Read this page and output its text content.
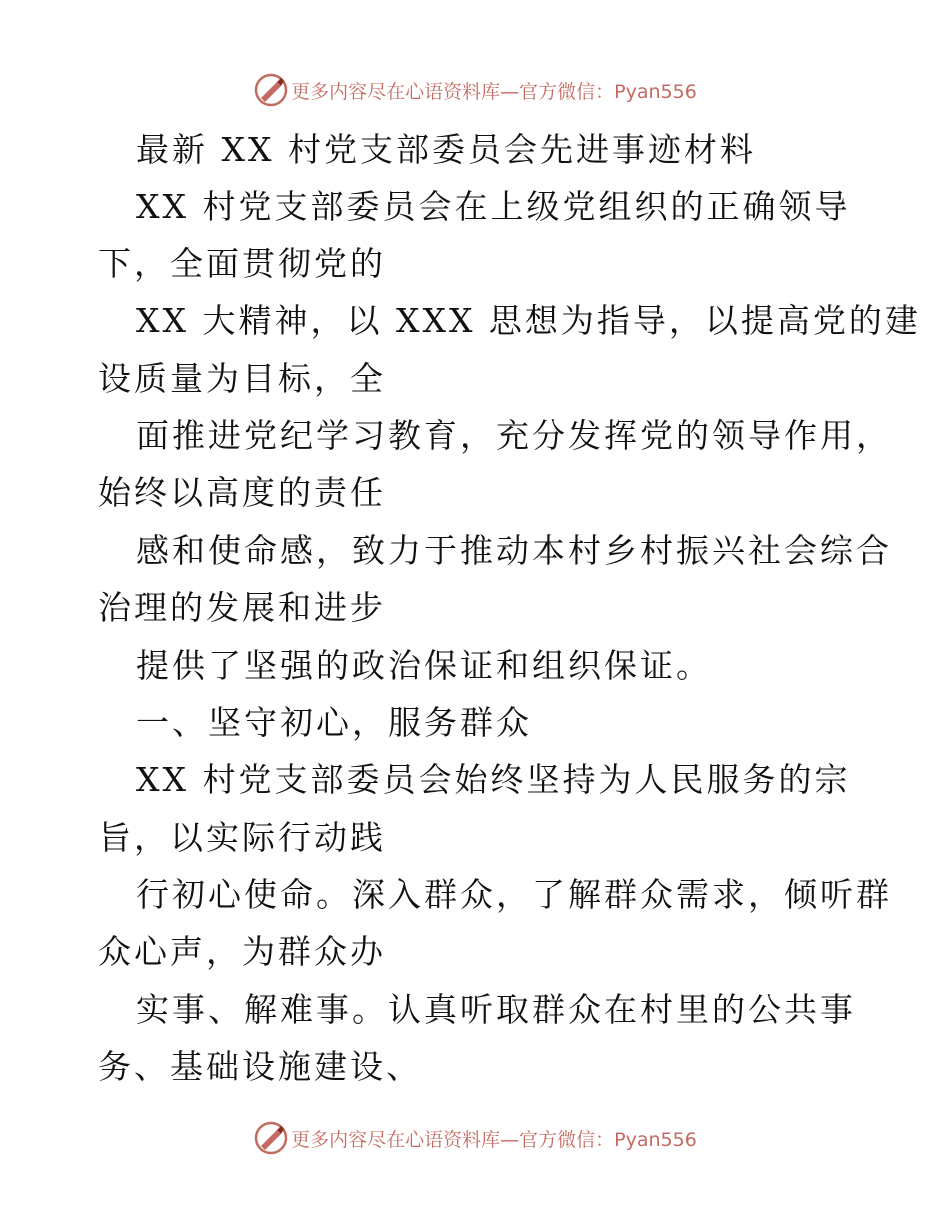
更多内容尽在心语资料库—官方微信：Pyan556
最新 XX 村党支部委员会先进事迹材料
XX 村党支部委员会在上级党组织的正确领导
下，全面贯彻党的
XX 大精神，以 XXX 思想为指导，以提高党的建
设质量为目标，全
面推进党纪学习教育，充分发挥党的领导作用，
始终以高度的责任
感和使命感，致力于推动本村乡村振兴社会综合
治理的发展和进步
提供了坚强的政治保证和组织保证。
一、坚守初心，服务群众
XX 村党支部委员会始终坚持为人民服务的宗
旨，以实际行动践
行初心使命。深入群众，了解群众需求，倾听群
众心声，为群众办
实事、解难事。认真听取群众在村里的公共事
务、基础设施建设、
更多内容尽在心语资料库—官方微信：Pyan556
